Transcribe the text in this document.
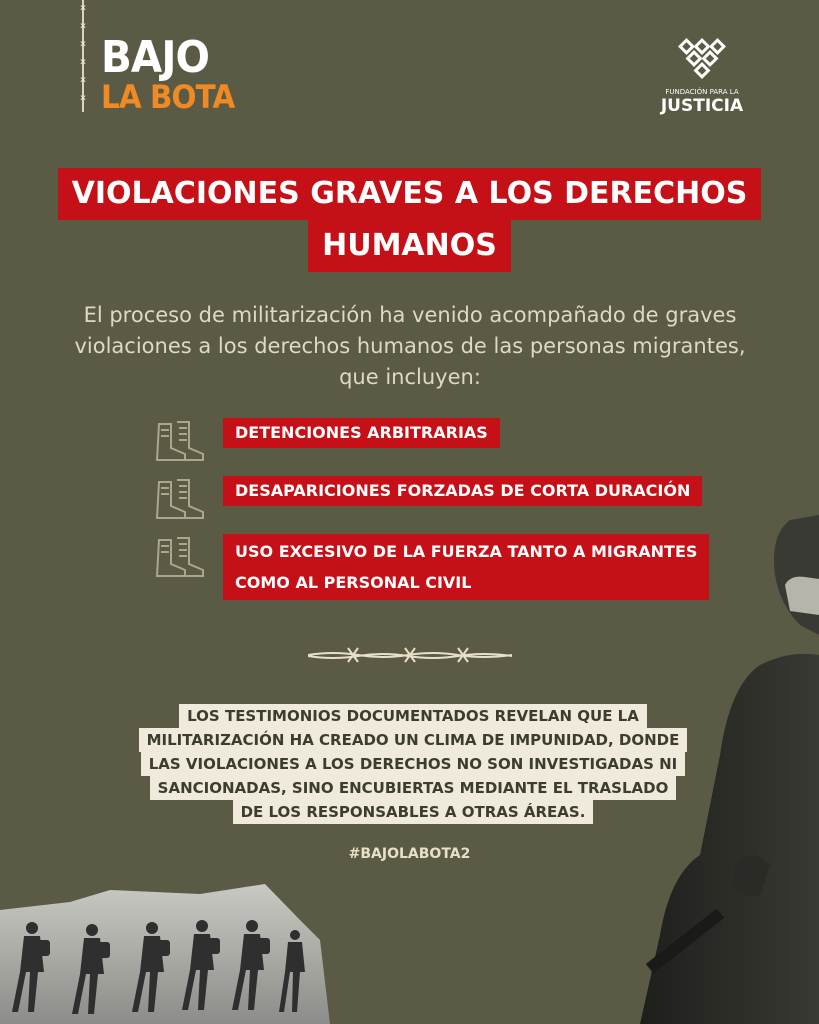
×
×
×
×
×
×
BAJO
LA BOTA	FUNDACIÓN PARA LA
JUSTICIA
VIOLACIONES GRAVES A LOS DERECHOS
HUMANOS
El proceso de militarización ha venido acompañado de graves violaciones a los derechos humanos de las personas migrantes, que incluyen:
DETENCIONES ARBITRARIAS
DESAPARICIONES FORZADAS DE CORTA DURACIÓN
USO EXCESIVO DE LA FUERZA TANTO A MIGRANTES
COMO AL PERSONAL CIVIL
LOS TESTIMONIOS DOCUMENTADOS REVELAN QUE LA
MILITARIZACIÓN HA CREADO UN CLIMA DE IMPUNIDAD, DONDE
LAS VIOLACIONES A LOS DERECHOS NO SON INVESTIGADAS NI
SANCIONADAS, SINO ENCUBIERTAS MEDIANTE EL TRASLADO
DE LOS RESPONSABLES A OTRAS ÁREAS.
#BAJOLABOTA2
